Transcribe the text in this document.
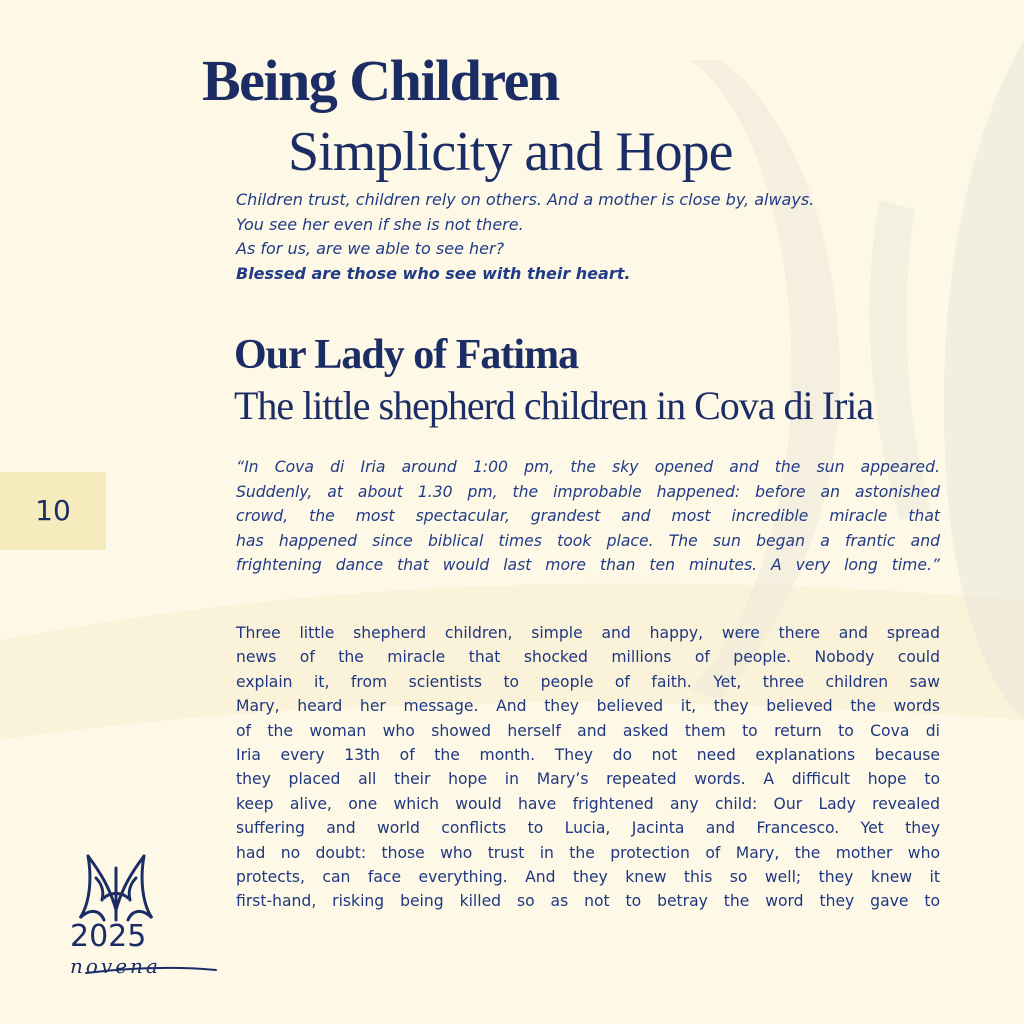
Being Children
Simplicity and Hope
Children trust, children rely on others. And a mother is close by, always.
You see her even if she is not there.
As for us, are we able to see her?
Blessed are those who see with their heart.
Our Lady of Fatima
The little shepherd children in Cova di Iria
“In Cova di Iria around 1:00 pm, the sky opened and the sun appeared.
Suddenly, at about 1.30 pm, the improbable happened: before an astonished
crowd, the most spectacular, grandest and most incredible miracle that
has happened since biblical times took place. The sun began a frantic and
frightening dance that would last more than ten minutes. A very long time.”
Three little shepherd children, simple and happy, were there and spread
news of the miracle that shocked millions of people. Nobody could
explain it, from scientists to people of faith. Yet, three children saw
Mary, heard her message. And they believed it, they believed the words
of the woman who showed herself and asked them to return to Cova di
Iria every 13th of the month. They do not need explanations because
they placed all their hope in Mary’s repeated words. A difficult hope to
keep alive, one which would have frightened any child: Our Lady revealed
suffering and world conflicts to Lucia, Jacinta and Francesco. Yet they
had no doubt: those who trust in the protection of Mary, the mother who
protects, can face everything. And they knew this so well; they knew it
first-hand, risking being killed so as not to betray the word they gave to
10
2025
novena
